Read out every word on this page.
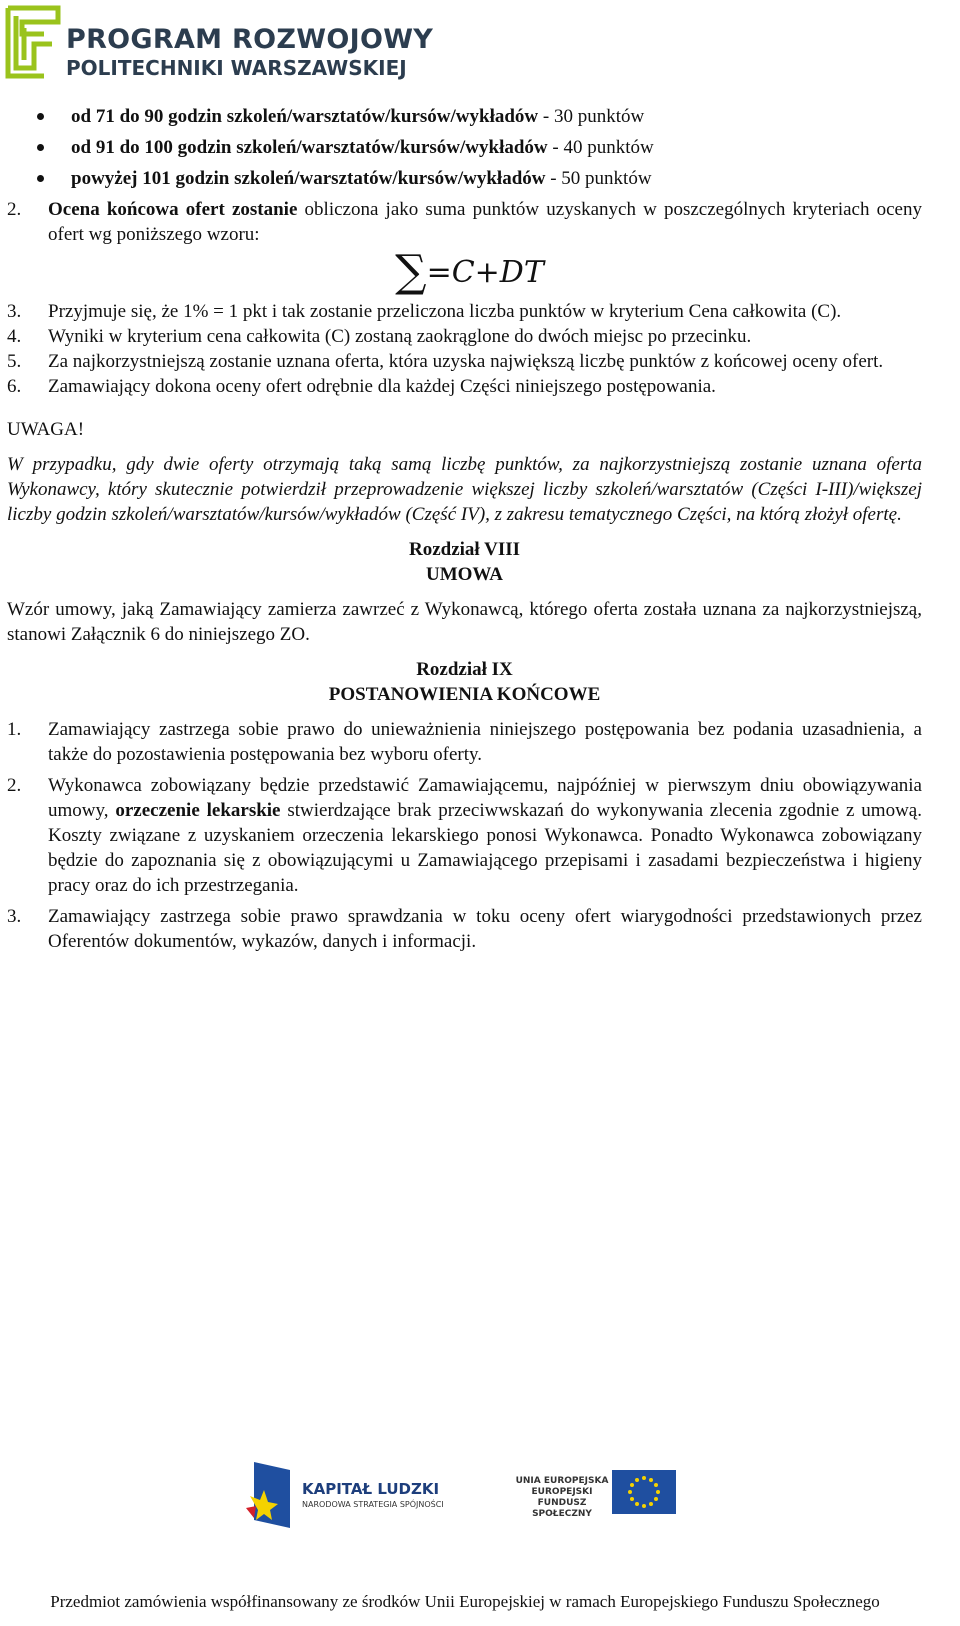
PROGRAM ROZWOJOWY
POLITECHNIKI WARSZAWSKIEJ
od 71 do 90 godzin szkoleń/warsztatów/kursów/wykładów - 30 punktów
od 91 do 100 godzin szkoleń/warsztatów/kursów/wykładów - 40 punktów
powyżej 101 godzin szkoleń/warsztatów/kursów/wykładów - 50 punktów
2. Ocena końcowa ofert zostanie obliczona jako suma punktów uzyskanych w poszczególnych kryteriach oceny ofert wg poniższego wzoru:
∑=C+DT
3. Przyjmuje się, że 1% = 1 pkt i tak zostanie przeliczona liczba punktów w kryterium Cena całkowita (C).
4. Wyniki w kryterium cena całkowita (C) zostaną zaokrąglone do dwóch miejsc po przecinku.
5. Za najkorzystniejszą zostanie uznana oferta, która uzyska największą liczbę punktów z końcowej oceny ofert.
6. Zamawiający dokona oceny ofert odrębnie dla każdej Części niniejszego postępowania.
UWAGA!
W przypadku, gdy dwie oferty otrzymają taką samą liczbę punktów, za najkorzystniejszą zostanie uznana oferta Wykonawcy, który skutecznie potwierdził przeprowadzenie większej liczby szkoleń/warsztatów (Części I-III)/większej liczby godzin szkoleń/warsztatów/kursów/wykładów (Część IV), z zakresu tematycznego Części, na którą złożył ofertę.
Rozdział VIII
UMOWA
Wzór umowy, jaką Zamawiający zamierza zawrzeć z Wykonawcą, którego oferta została uznana za najkorzystniejszą, stanowi Załącznik 6 do niniejszego ZO.
Rozdział IX
POSTANOWIENIA KOŃCOWE
1. Zamawiający zastrzega sobie prawo do unieważnienia niniejszego postępowania bez podania uzasadnienia, a także do pozostawienia postępowania bez wyboru oferty.
2. Wykonawca zobowiązany będzie przedstawić Zamawiającemu, najpóźniej w pierwszym dniu obowiązywania umowy, orzeczenie lekarskie stwierdzające brak przeciwwskazań do wykonywania zlecenia zgodnie z umową. Koszty związane z uzyskaniem orzeczenia lekarskiego ponosi Wykonawca. Ponadto Wykonawca zobowiązany będzie do zapoznania się z obowiązującymi u Zamawiającego przepisami i zasadami bezpieczeństwa i higieny pracy oraz do ich przestrzegania.
3. Zamawiający zastrzega sobie prawo sprawdzania w toku oceny ofert wiarygodności przedstawionych przez Oferentów dokumentów, wykazów, danych i informacji.
KAPITAŁ LUDZKI
NARODOWA STRATEGIA SPÓJNOŚCI
UNIA EUROPEJSKA
EUROPEJSKI
FUNDUSZ SPOŁECZNY
Przedmiot zamówienia współfinansowany ze środków Unii Europejskiej w ramach Europejskiego Funduszu Społecznego
